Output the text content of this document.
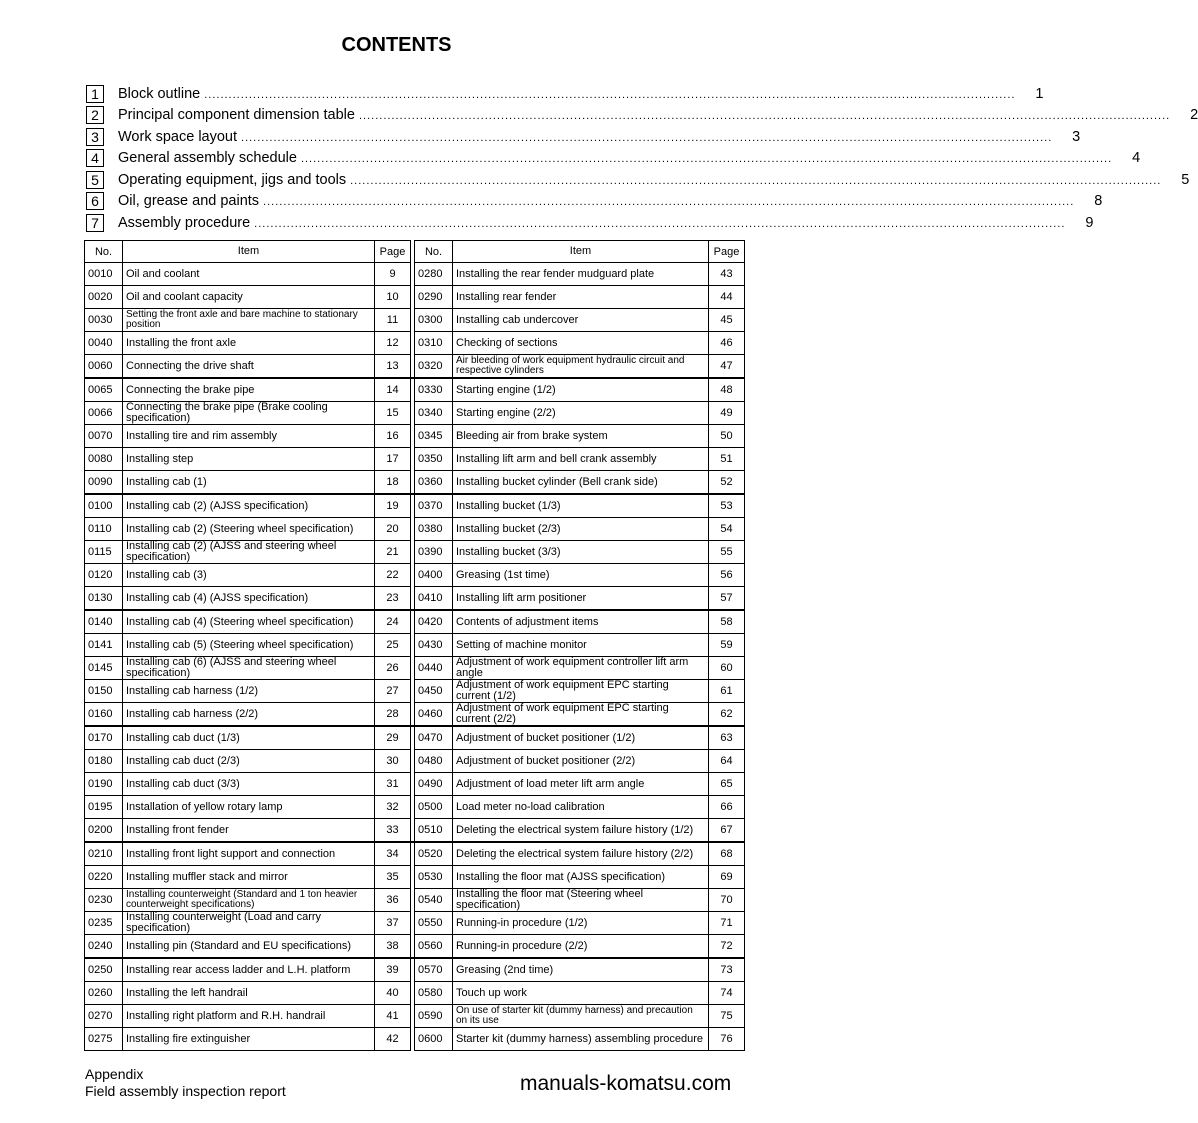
CONTENTS
1	Block outline ........................................................................................................................................................................................................	1
2	Principal component dimension table ........................................................................................................................................................................................................	2
3	Work space layout ........................................................................................................................................................................................................	3
4	General assembly schedule ........................................................................................................................................................................................................	4
5	Operating equipment, jigs and tools ........................................................................................................................................................................................................	5
6	Oil, grease and paints ........................................................................................................................................................................................................	8
7	Assembly procedure ........................................................................................................................................................................................................	9
No.	Item	Page		No.	Item	Page
0010	Oil and coolant	9		0280	Installing the rear fender mudguard plate	43
0020	Oil and coolant capacity	10		0290	Installing rear fender	44
0030	Setting the front axle and bare machine to stationary position	11		0300	Installing cab undercover	45
0040	Installing the front axle	12		0310	Checking of sections	46
0060	Connecting the drive shaft	13		0320	Air bleeding of work equipment hydraulic circuit and respective cylinders	47
0065	Connecting the brake pipe	14		0330	Starting engine (1/2)	48
0066	Connecting the brake pipe (Brake cooling specification)	15		0340	Starting engine (2/2)	49
0070	Installing tire and rim assembly	16		0345	Bleeding air from brake system	50
0080	Installing step	17		0350	Installing lift arm and bell crank assembly	51
0090	Installing cab (1)	18		0360	Installing bucket cylinder (Bell crank side)	52
0100	Installing cab (2) (AJSS specification)	19		0370	Installing bucket (1/3)	53
0110	Installing cab (2) (Steering wheel specification)	20		0380	Installing bucket (2/3)	54
0115	Installing cab (2) (AJSS and steering wheel specification)	21		0390	Installing bucket (3/3)	55
0120	Installing cab (3)	22		0400	Greasing (1st time)	56
0130	Installing cab (4) (AJSS specification)	23		0410	Installing lift arm positioner	57
0140	Installing cab (4) (Steering wheel specification)	24		0420	Contents of adjustment items	58
0141	Installing cab (5) (Steering wheel specification)	25		0430	Setting of machine monitor	59
0145	Installing cab (6) (AJSS and steering wheel specification)	26		0440	Adjustment of work equipment controller lift arm angle	60
0150	Installing cab harness (1/2)	27		0450	Adjustment of work equipment EPC starting current (1/2)	61
0160	Installing cab harness (2/2)	28		0460	Adjustment of work equipment EPC starting current (2/2)	62
0170	Installing cab duct (1/3)	29		0470	Adjustment of bucket positioner (1/2)	63
0180	Installing cab duct (2/3)	30		0480	Adjustment of bucket positioner (2/2)	64
0190	Installing cab duct (3/3)	31		0490	Adjustment of load meter lift arm angle	65
0195	Installation of yellow rotary lamp	32		0500	Load meter no-load calibration	66
0200	Installing front fender	33		0510	Deleting the electrical system failure history (1/2)	67
0210	Installing front light support and connection	34		0520	Deleting the electrical system failure history (2/2)	68
0220	Installing muffler stack and mirror	35		0530	Installing the floor mat (AJSS specification)	69
0230	Installing counterweight (Standard and 1 ton heavier counterweight specifications)	36		0540	Installing the floor mat (Steering wheel specification)	70
0235	Installing counterweight (Load and carry specification)	37		0550	Running-in procedure (1/2)	71
0240	Installing pin (Standard and EU specifications)	38		0560	Running-in procedure (2/2)	72
0250	Installing rear access ladder and L.H. platform	39		0570	Greasing (2nd time)	73
0260	Installing the left handrail	40		0580	Touch up work	74
0270	Installing right platform and R.H. handrail	41		0590	On use of starter kit (dummy harness) and precaution on its use	75
0275	Installing fire extinguisher	42		0600	Starter kit (dummy harness) assembling procedure	76
Appendix
Field assembly inspection report	manuals-komatsu.com
